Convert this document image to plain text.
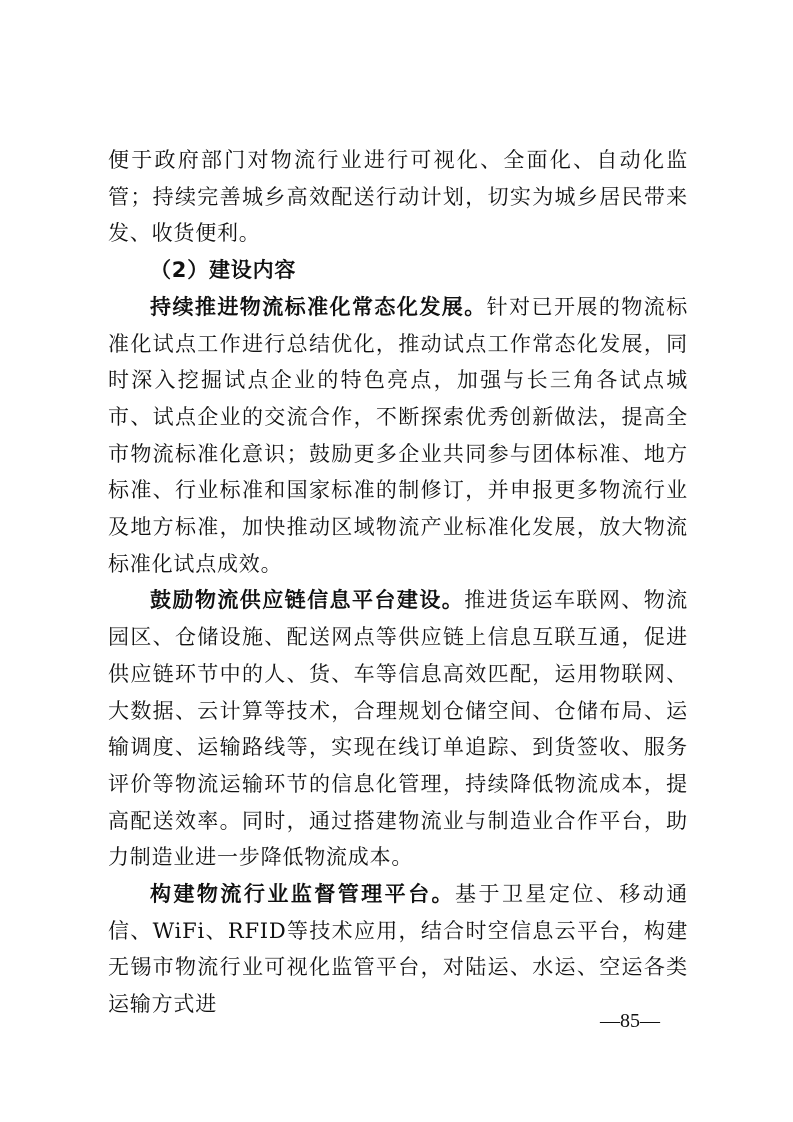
便于政府部门对物流行业进行可视化、全面化、自动化监管；持续完善城乡高效配送行动计划，切实为城乡居民带来发、收货便利。

（2）建设内容

持续推进物流标准化常态化发展。针对已开展的物流标准化试点工作进行总结优化，推动试点工作常态化发展，同时深入挖掘试点企业的特色亮点，加强与长三角各试点城市、试点企业的交流合作，不断探索优秀创新做法，提高全市物流标准化意识；鼓励更多企业共同参与团体标准、地方标准、行业标准和国家标准的制修订，并申报更多物流行业及地方标准，加快推动区域物流产业标准化发展，放大物流标准化试点成效。

鼓励物流供应链信息平台建设。推进货运车联网、物流园区、仓储设施、配送网点等供应链上信息互联互通，促进供应链环节中的人、货、车等信息高效匹配，运用物联网、大数据、云计算等技术，合理规划仓储空间、仓储布局、运输调度、运输路线等，实现在线订单追踪、到货签收、服务评价等物流运输环节的信息化管理，持续降低物流成本，提高配送效率。同时，通过搭建物流业与制造业合作平台，助力制造业进一步降低物流成本。

构建物流行业监督管理平台。基于卫星定位、移动通信、WiFi、RFID等技术应用，结合时空信息云平台，构建无锡市物流行业可视化监管平台，对陆运、水运、空运各类运输方式进

—85—
